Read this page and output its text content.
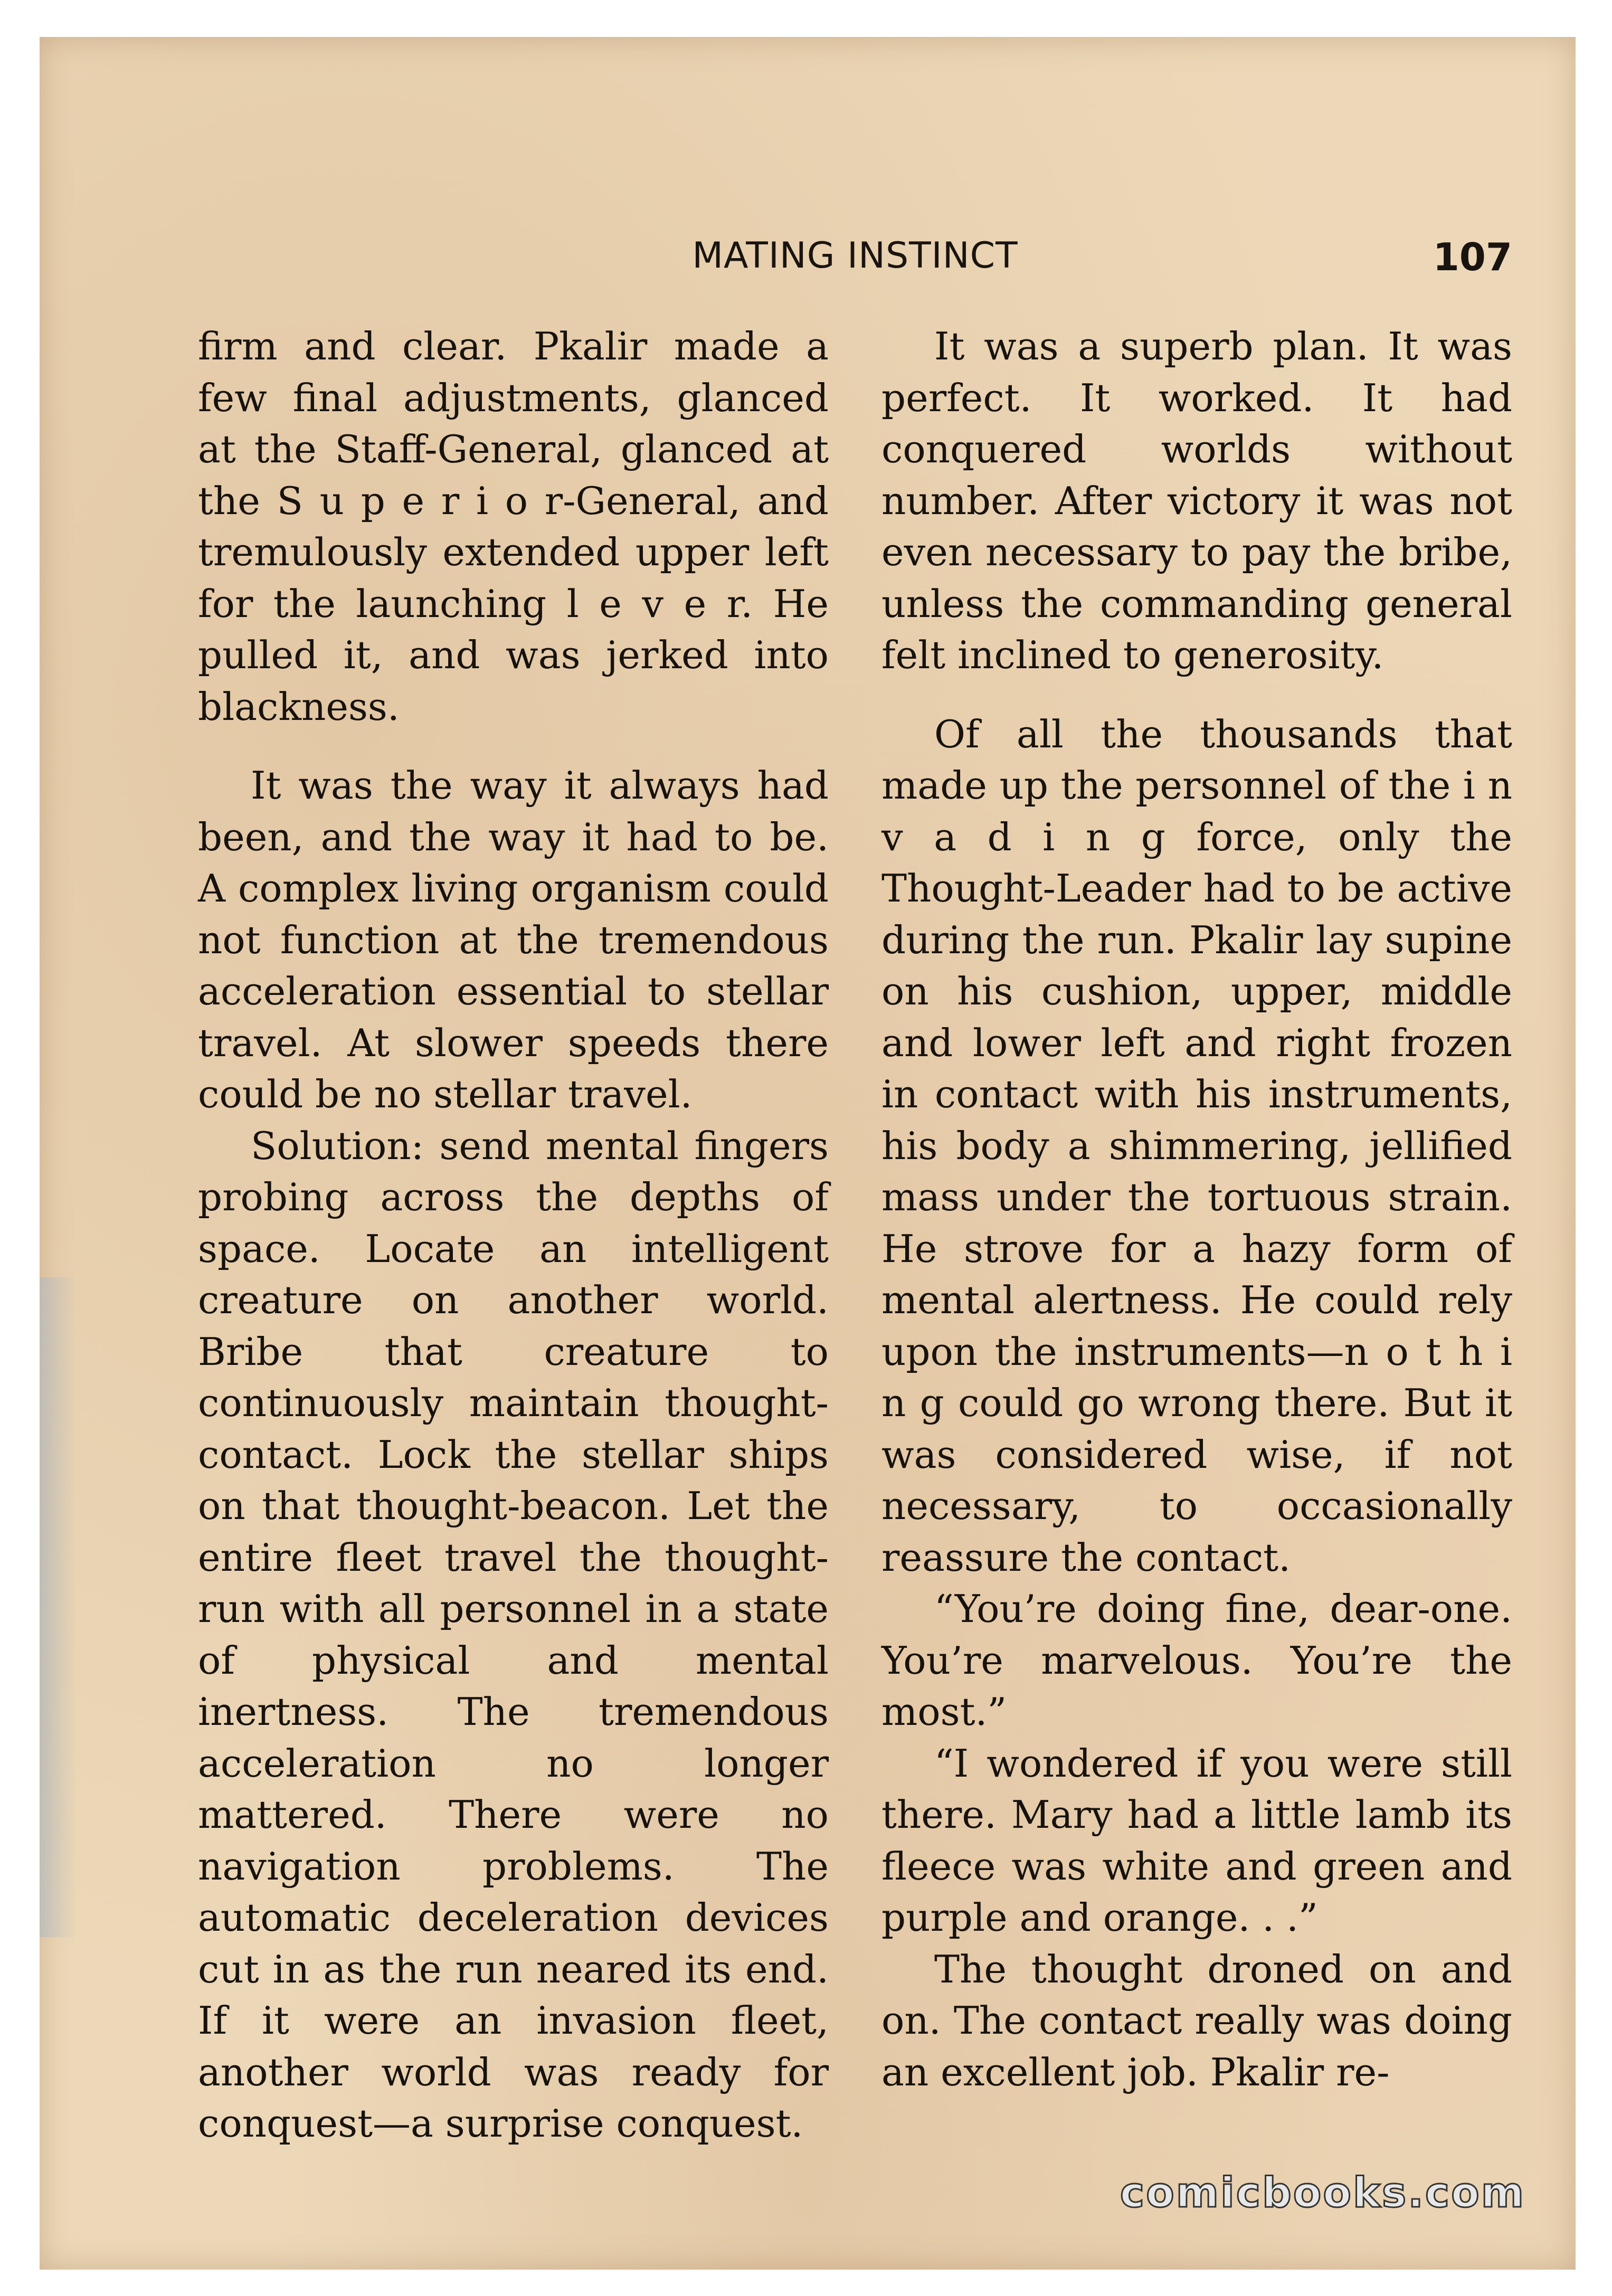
MATING INSTINCT	107

firm and clear. Pkalir made a few final adjustments, glanced at the Staff-General, glanced at the S u p e r i o r-General, and tremulously extended upper left for the launching l e v e r. He pulled it, and was jerked into blackness.

It was the way it always had been, and the way it had to be. A complex living organism could not function at the tremendous acceleration essential to stellar travel. At slower speeds there could be no stellar travel.

Solution: send mental fingers probing across the depths of space. Locate an intelligent creature on another world. Bribe that creature to continuously maintain thought-contact. Lock the stellar ships on that thought-beacon. Let the entire fleet travel the thought-run with all personnel in a state of physical and mental inertness. The tremendous acceleration no longer mattered. There were no navigation problems. The automatic deceleration devices cut in as the run neared its end. If it were an invasion fleet, another world was ready for conquest—a surprise conquest.

It was a superb plan. It was perfect. It worked. It had conquered worlds without number. After victory it was not even necessary to pay the bribe, unless the commanding general felt inclined to generosity.

Of all the thousands that made up the personnel of the i n v a d i n g force, only the Thought-Leader had to be active during the run. Pkalir lay supine on his cushion, upper, middle and lower left and right frozen in contact with his instruments, his body a shimmering, jellified mass under the tortuous strain. He strove for a hazy form of mental alertness. He could rely upon the instruments—n o t h i n g could go wrong there. But it was considered wise, if not necessary, to occasionally reassure the contact.

“You’re doing fine, dear-one. You’re marvelous. You’re the most.”

“I wondered if you were still there. Mary had a little lamb its fleece was white and green and purple and orange. . .”

The thought droned on and on. The contact really was doing an excellent job. Pkalir re-

comicbooks.com
